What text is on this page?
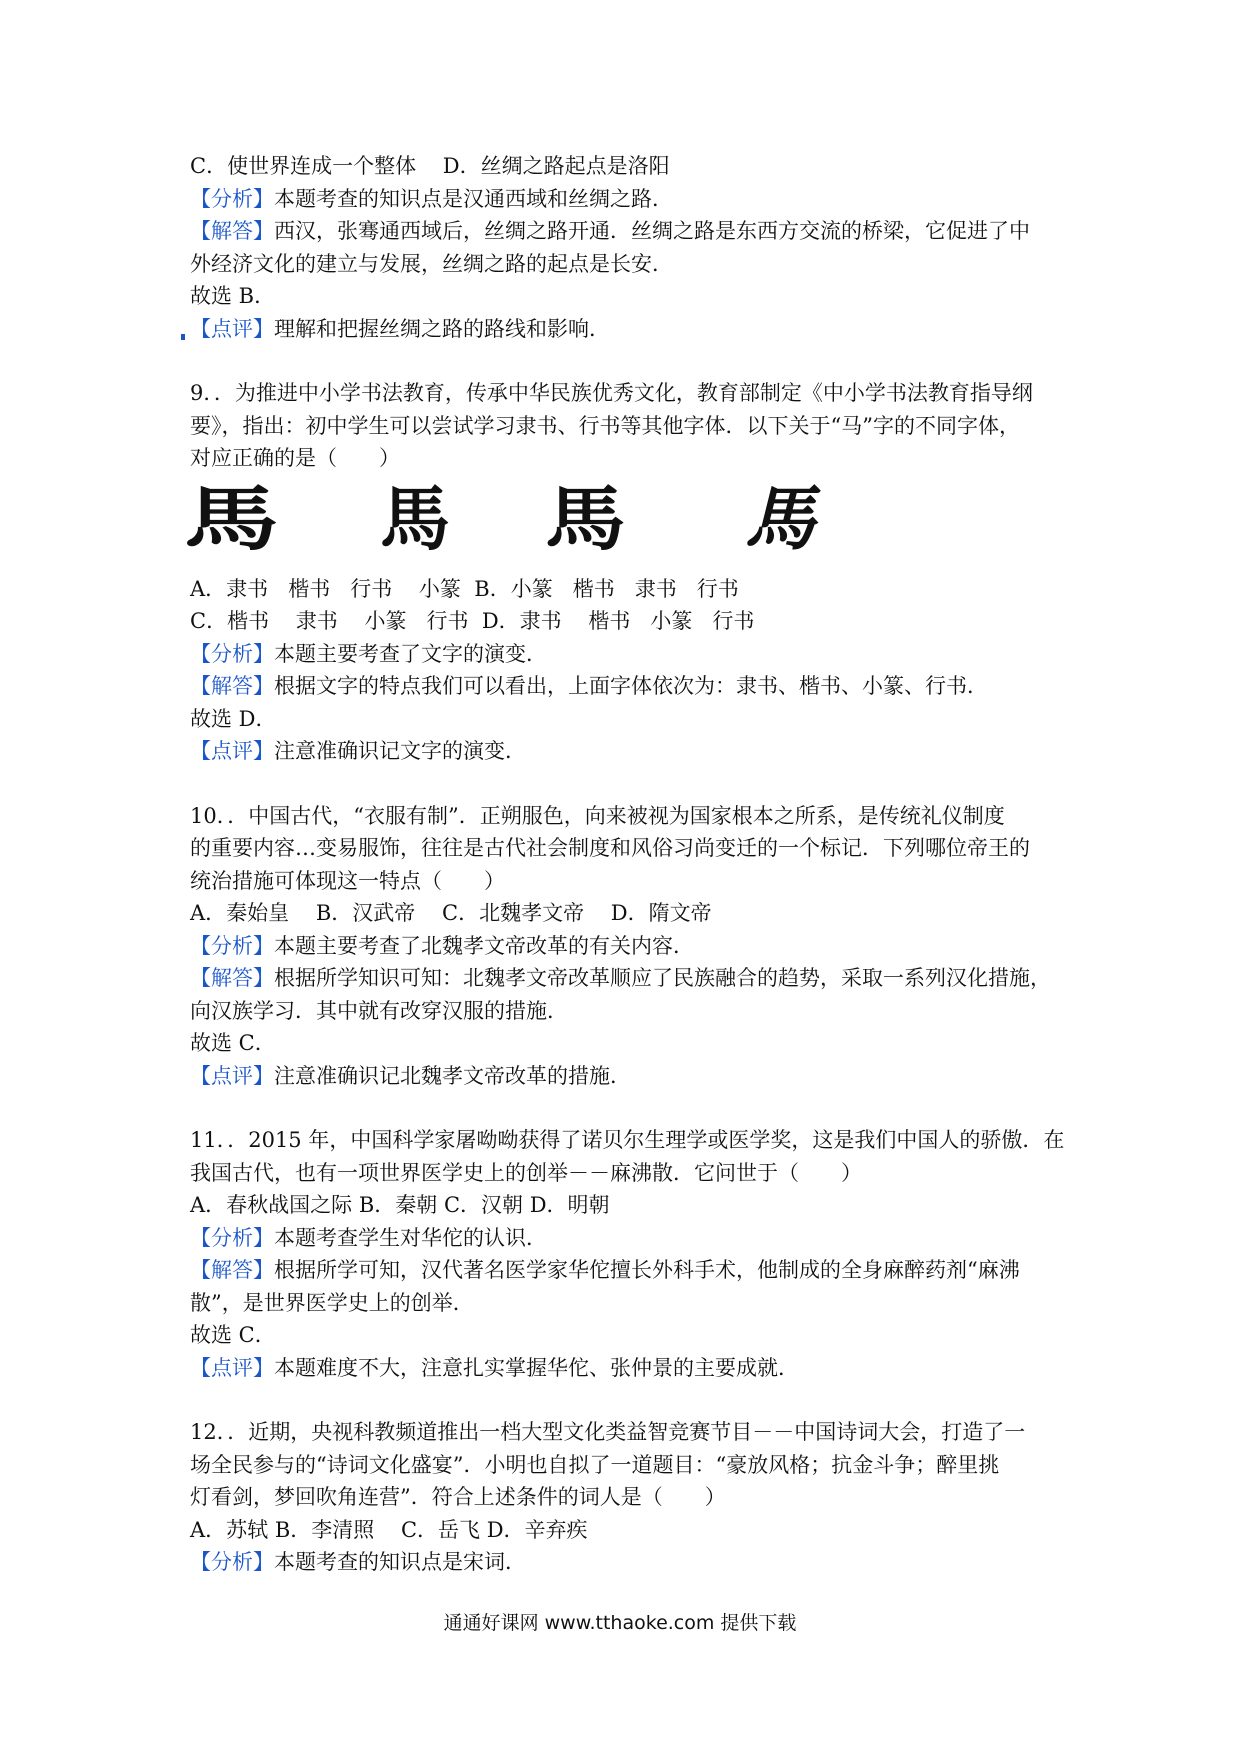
C．使世界连成一个整体    D．丝绸之路起点是洛阳
【分析】本题考查的知识点是汉通西域和丝绸之路．
【解答】西汉，张骞通西域后，丝绸之路开通．丝绸之路是东西方交流的桥梁，它促进了中
外经济文化的建立与发展，丝绸之路的起点是长安．
故选 B．
【点评】理解和把握丝绸之路的路线和影响．
9．．为推进中小学书法教育，传承中华民族优秀文化，教育部制定《中小学书法教育指导纲
要》，指出：初中学生可以尝试学习隶书、行书等其他字体．以下关于“马”字的不同字体，
对应正确的是（　　）
馬 馬 馬 馬
A．隶书   楷书   行书    小篆  B．小篆   楷书   隶书   行书
C．楷书    隶书    小篆   行书  D．隶书    楷书   小篆   行书
【分析】本题主要考查了文字的演变．
【解答】根据文字的特点我们可以看出，上面字体依次为：隶书、楷书、小篆、行书．
故选 D．
【点评】注意准确识记文字的演变．
10．．中国古代，“衣服有制”．正朔服色，向来被视为国家根本之所系，是传统礼仪制度
的重要内容…变易服饰，往往是古代社会制度和风俗习尚变迁的一个标记．下列哪位帝王的
统治措施可体现这一特点（　　）
A．秦始皇    B．汉武帝    C．北魏孝文帝    D．隋文帝
【分析】本题主要考查了北魏孝文帝改革的有关内容．
【解答】根据所学知识可知：北魏孝文帝改革顺应了民族融合的趋势，采取一系列汉化措施，
向汉族学习．其中就有改穿汉服的措施．
故选 C．
【点评】注意准确识记北魏孝文帝改革的措施．
11．．2015 年，中国科学家屠呦呦获得了诺贝尔生理学或医学奖，这是我们中国人的骄傲．在
我国古代，也有一项世界医学史上的创举－－麻沸散．它问世于（　　）
A．春秋战国之际 B．秦朝 C．汉朝 D．明朝
【分析】本题考查学生对华佗的认识．
【解答】根据所学可知，汉代著名医学家华佗擅长外科手术，他制成的全身麻醉药剂“麻沸
散”，是世界医学史上的创举．
故选 C．
【点评】本题难度不大，注意扎实掌握华佗、张仲景的主要成就．
12．．近期，央视科教频道推出一档大型文化类益智竞赛节目－－中国诗词大会，打造了一
场全民参与的“诗词文化盛宴”．小明也自拟了一道题目：“豪放风格；抗金斗争；醉里挑
灯看剑，梦回吹角连营”．符合上述条件的词人是（　　）
A．苏轼 B．李清照    C．岳飞 D．辛弃疾
【分析】本题考查的知识点是宋词．
通通好课网 www.tthaoke.com 提供下载
